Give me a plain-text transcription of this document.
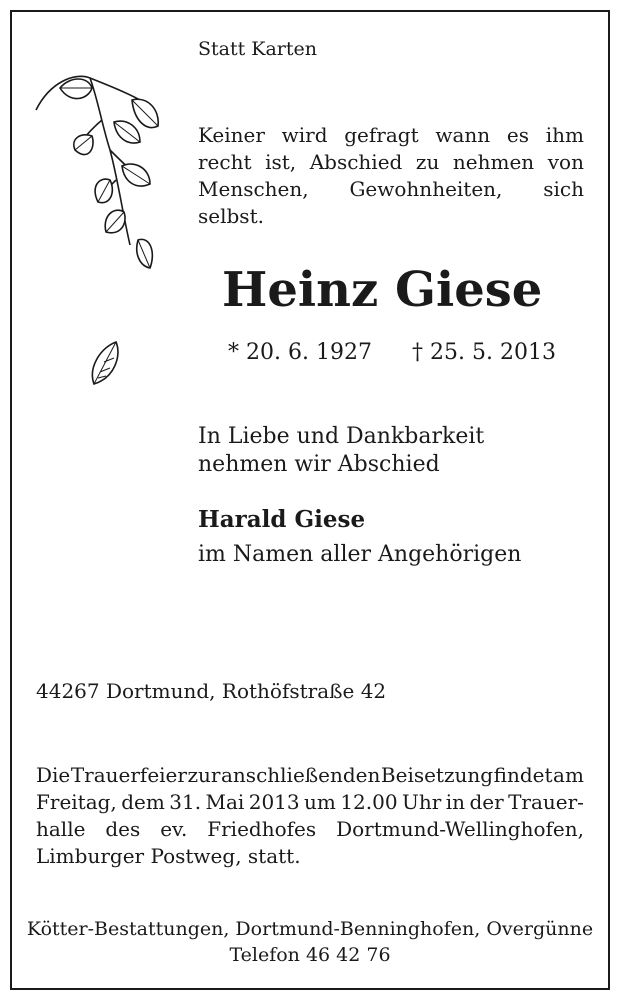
Statt Karten
Keiner wird gefragt wann es ihm
recht ist, Abschied zu nehmen von
Menschen, Gewohnheiten, sich
selbst.
Heinz Giese
* 20. 6. 1927 † 25. 5. 2013
In Liebe und Dankbarkeit
nehmen wir Abschied
Harald Giese
im Namen aller Angehörigen
44267 Dortmund, Rothöfstraße 42
Die Trauerfeier zur anschließenden Beisetzung findet am
Freitag, dem 31. Mai 2013 um 12.00 Uhr in der Trauer-
halle des ev. Friedhofes Dortmund-Wellinghofen,
Limburger Postweg, statt.
Kötter-Bestattungen, Dortmund-Benninghofen, Overgünne
Telefon 46 42 76
